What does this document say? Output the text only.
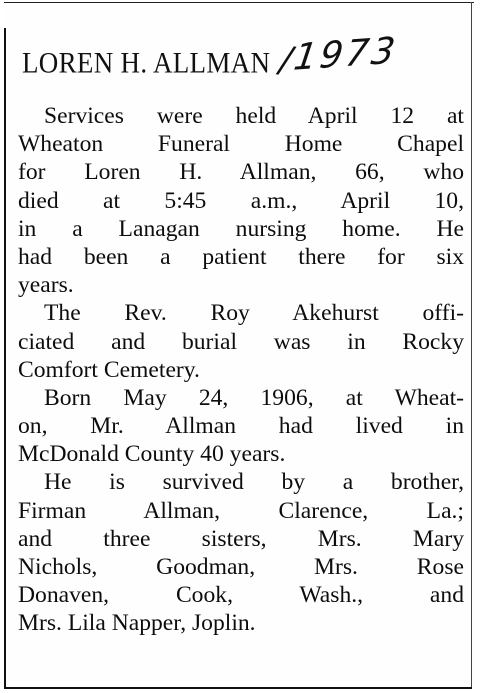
LOREN H. ALLMAN /
1973
Services were held April 12 at
Wheaton Funeral Home Chapel
for Loren H. Allman, 66, who
died at 5:45 a.m., April 10,
in a Lanagan nursing home. He
had been a patient there for six
years.
The Rev. Roy Akehurst offi-
ciated and burial was in Rocky
Comfort Cemetery.
Born May 24, 1906, at Wheat-
on, Mr. Allman had lived in
McDonald County 40 years.
He is survived by a brother,
Firman Allman, Clarence, La.;
and three sisters, Mrs. Mary
Nichols, Goodman, Mrs. Rose
Donaven, Cook, Wash., and
Mrs. Lila Napper, Joplin.
